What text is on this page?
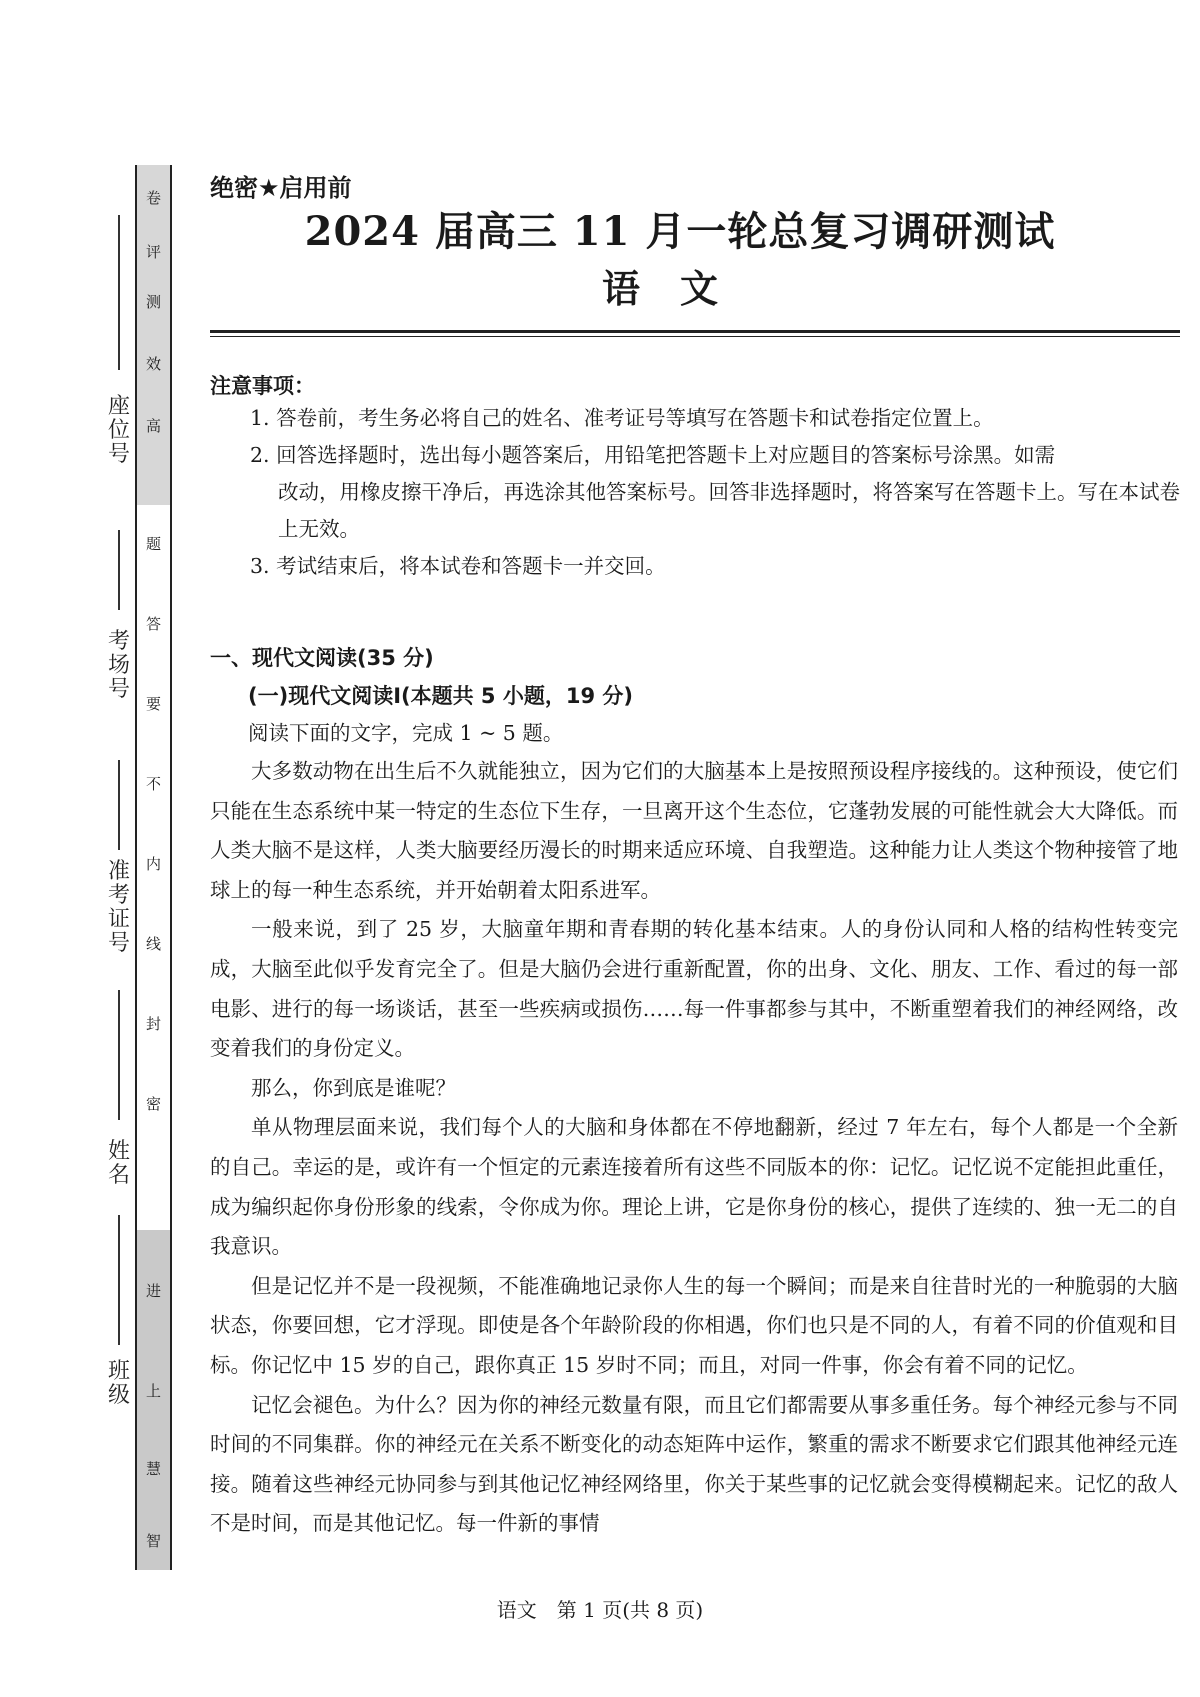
高
效
测
评
卷
题
答
要
不
内
线
封
密
智
慧
上
进
座位号
考场号
准考证号
姓名
班级
绝密★启用前
2024 届高三 11 月一轮总复习调研测试
语文
注意事项：
1. 答卷前，考生务必将自己的姓名、准考证号等填写在答题卡和试卷指定位置上。
2. 回答选择题时，选出每小题答案后，用铅笔把答题卡上对应题目的答案标号涂黑。如需
改动，用橡皮擦干净后，再选涂其他答案标号。回答非选择题时，将答案写在答题卡上。写在本试卷上无效。
3. 考试结束后，将本试卷和答题卡一并交回。
一、现代文阅读(35 分)
(一)现代文阅读Ⅰ(本题共 5 小题，19 分)
阅读下面的文字，完成 1 ~ 5 题。

大多数动物在出生后不久就能独立，因为它们的大脑基本上是按照预设程序接线的。这种预设，使它们只能在生态系统中某一特定的生态位下生存，一旦离开这个生态位，它蓬勃发展的可能性就会大大降低。而人类大脑不是这样，人类大脑要经历漫长的时期来适应环境、自我塑造。这种能力让人类这个物种接管了地球上的每一种生态系统，并开始朝着太阳系进军。

一般来说，到了 25 岁，大脑童年期和青春期的转化基本结束。人的身份认同和人格的结构性转变完成，大脑至此似乎发育完全了。但是大脑仍会进行重新配置，你的出身、文化、朋友、工作、看过的每一部电影、进行的每一场谈话，甚至一些疾病或损伤……每一件事都参与其中，不断重塑着我们的神经网络，改变着我们的身份定义。

那么，你到底是谁呢？

单从物理层面来说，我们每个人的大脑和身体都在不停地翻新，经过 7 年左右，每个人都是一个全新的自己。幸运的是，或许有一个恒定的元素连接着所有这些不同版本的你：记忆。记忆说不定能担此重任，成为编织起你身份形象的线索，令你成为你。理论上讲，它是你身份的核心，提供了连续的、独一无二的自我意识。

但是记忆并不是一段视频，不能准确地记录你人生的每一个瞬间；而是来自往昔时光的一种脆弱的大脑状态，你要回想，它才浮现。即使是各个年龄阶段的你相遇，你们也只是不同的人，有着不同的价值观和目标。你记忆中 15 岁的自己，跟你真正 15 岁时不同；而且，对同一件事，你会有着不同的记忆。

记忆会褪色。为什么？因为你的神经元数量有限，而且它们都需要从事多重任务。每个神经元参与不同时间的不同集群。你的神经元在关系不断变化的动态矩阵中运作，繁重的需求不断要求它们跟其他神经元连接。随着这些神经元协同参与到其他记忆神经网络里，你关于某些事的记忆就会变得模糊起来。记忆的敌人不是时间，而是其他记忆。每一件新的事情

语文　第 1 页(共 8 页)
